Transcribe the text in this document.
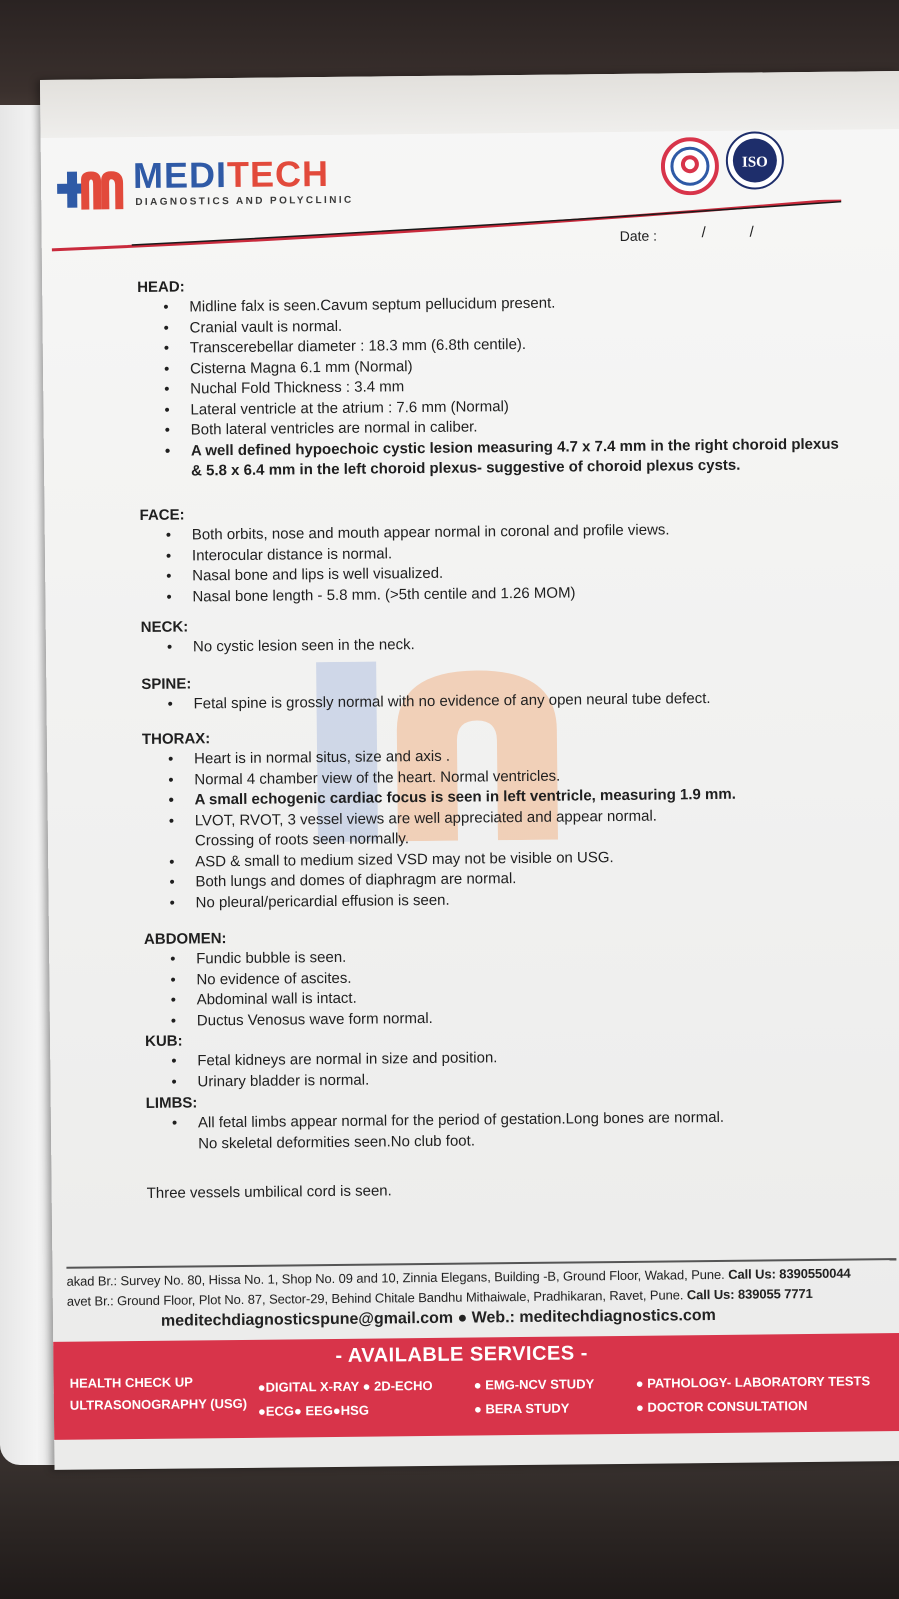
MEDITECH
DIAGNOSTICS AND POLYCLINIC
ISO
Date :	/	/
HEAD:
• Midline falx is seen.Cavum septum pellucidum present.
• Cranial vault is normal.
• Transcerebellar diameter : 18.3 mm (6.8th centile).
• Cisterna Magna 6.1 mm (Normal)
• Nuchal Fold Thickness : 3.4 mm
• Lateral ventricle at the atrium : 7.6 mm (Normal)
• Both lateral ventricles are normal in caliber.
• A well defined hypoechoic cystic lesion measuring 4.7 x 7.4 mm in the right choroid plexus & 5.8 x 6.4 mm in the left choroid plexus- suggestive of choroid plexus cysts.
FACE:
• Both orbits, nose and mouth appear normal in coronal and profile views.
• Interocular distance is normal.
• Nasal bone and lips is well visualized.
• Nasal bone length - 5.8 mm. (>5th centile and 1.26 MOM)
NECK:
• No cystic lesion seen in the neck.
SPINE:
• Fetal spine is grossly normal with no evidence of any open neural tube defect.
THORAX:
• Heart is in normal situs, size and axis .
• Normal 4 chamber view of the heart. Normal ventricles.
• A small echogenic cardiac focus is seen in left ventricle, measuring 1.9 mm.
• LVOT, RVOT, 3 vessel views are well appreciated and appear normal. Crossing of roots seen normally.
• ASD & small to medium sized VSD may not be visible on USG.
• Both lungs and domes of diaphragm are normal.
• No pleural/pericardial effusion is seen.
ABDOMEN:
• Fundic bubble is seen.
• No evidence of ascites.
• Abdominal wall is intact.
• Ductus Venosus wave form normal.
KUB:
• Fetal kidneys are normal in size and position.
• Urinary bladder is normal.
LIMBS:
• All fetal limbs appear normal for the period of gestation.Long bones are normal. No skeletal deformities seen.No club foot.
Three vessels umbilical cord is seen.
akad Br.: Survey No. 80, Hissa No. 1, Shop No. 09 and 10, Zinnia Elegans, Building -B, Ground Floor, Wakad, Pune. Call Us: 8390550044
avet Br.: Ground Floor, Plot No. 87, Sector-29, Behind Chitale Bandhu Mithaiwale, Pradhikaran, Ravet, Pune. Call Us: 839055 7771
meditechdiagnosticspune@gmail.com ● Web.: meditechdiagnostics.com
- AVAILABLE SERVICES -
HEALTH CHECK UP
ULTRASONOGRAPHY (USG)
●DIGITAL X-RAY ● 2D-ECHO
●ECG● EEG●HSG
● EMG-NCV STUDY
● BERA STUDY
● PATHOLOGY- LABORATORY TESTS
● DOCTOR CONSULTATION
